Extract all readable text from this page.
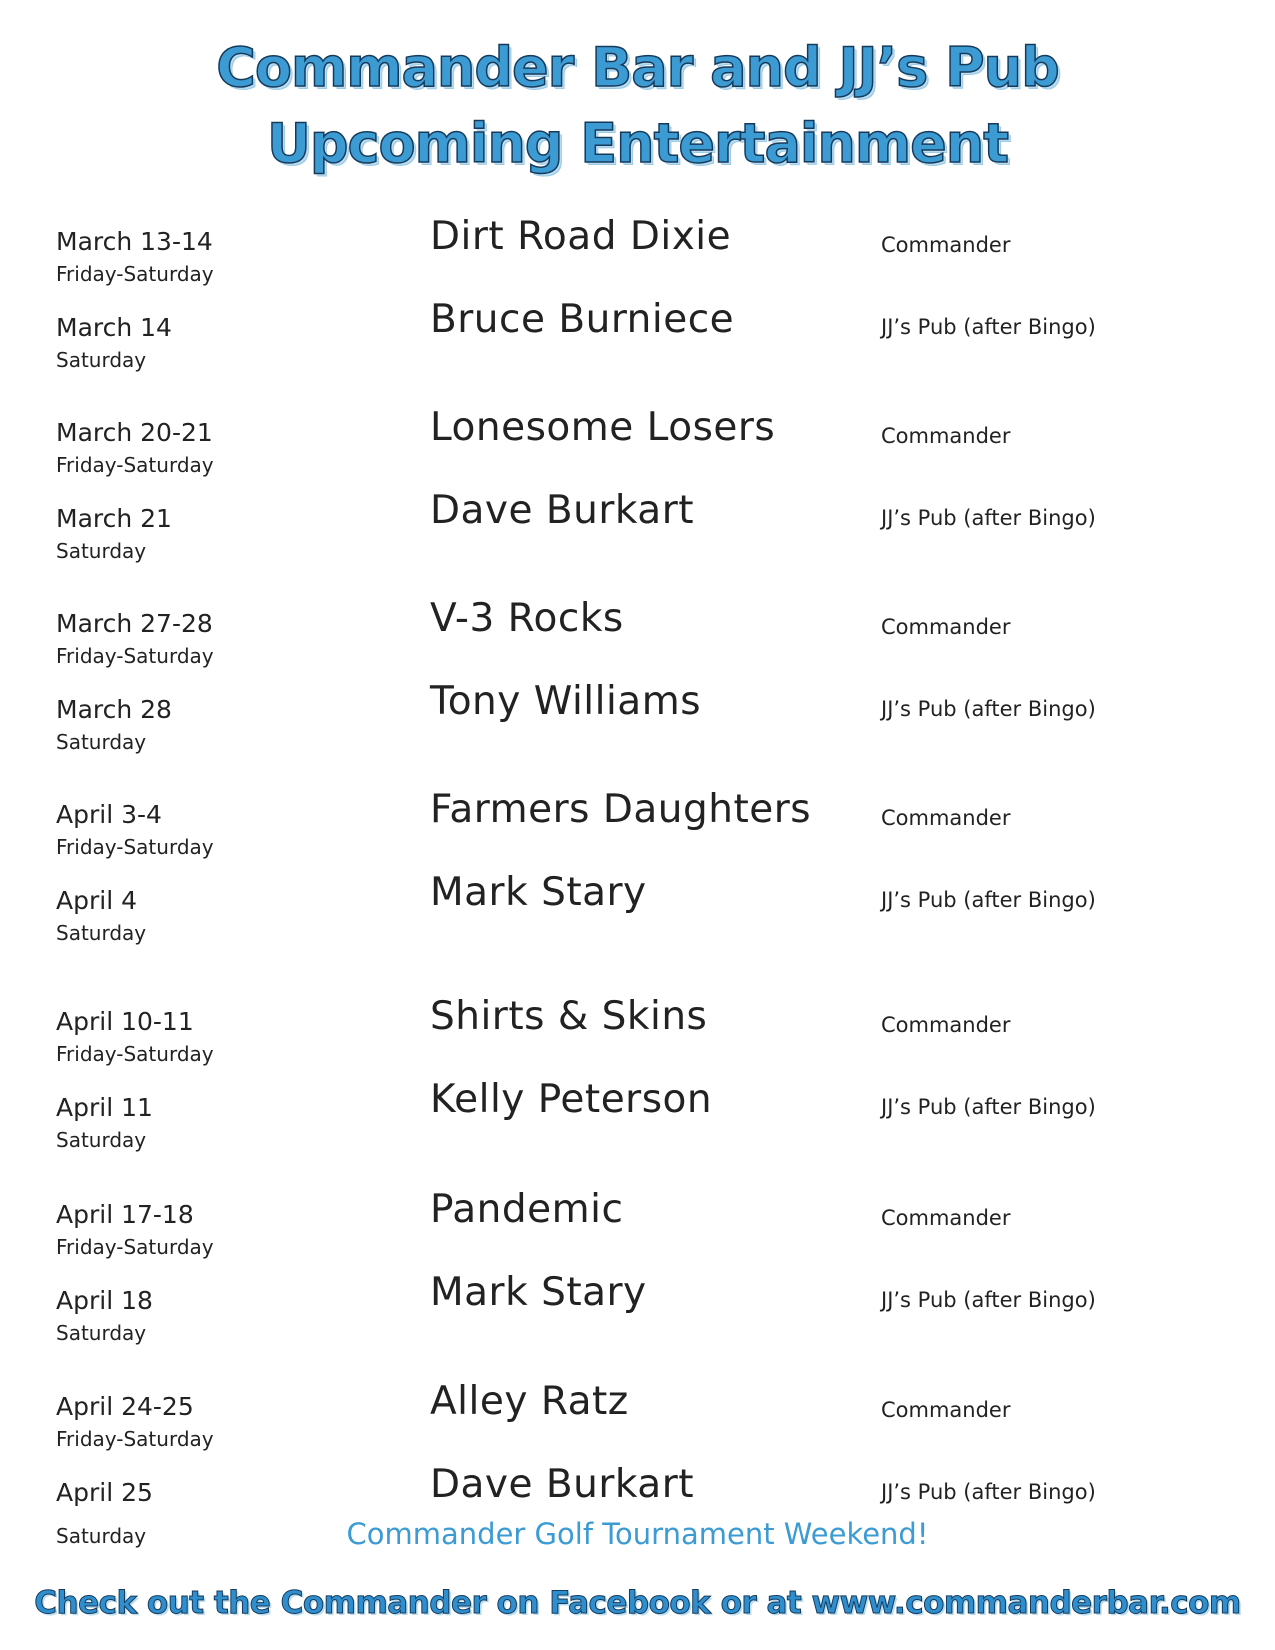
Commander Bar and JJ’s Pub
Upcoming Entertainment
March 13-14
Friday-Saturday
Dirt Road Dixie	Commander
March 14
Saturday
Bruce Burniece	JJ’s Pub (after Bingo)
March 20-21
Friday-Saturday
Lonesome Losers	Commander
March 21
Saturday
Dave Burkart	JJ’s Pub (after Bingo)
March 27-28
Friday-Saturday
V-3 Rocks	Commander
March 28
Saturday
Tony Williams	JJ’s Pub (after Bingo)
April 3-4
Friday-Saturday
Farmers Daughters	Commander
April 4
Saturday
Mark Stary	JJ’s Pub (after Bingo)
April 10-11
Friday-Saturday
Shirts & Skins	Commander
April 11
Saturday
Kelly Peterson	JJ’s Pub (after Bingo)
April 17-18
Friday-Saturday
Pandemic	Commander
April 18
Saturday
Mark Stary	JJ’s Pub (after Bingo)
April 24-25
Friday-Saturday
Alley Ratz	Commander
April 25
Saturday
Dave Burkart	JJ’s Pub (after Bingo)
Commander Golf Tournament Weekend!
Check out the Commander on Facebook or at www.commanderbar.com
